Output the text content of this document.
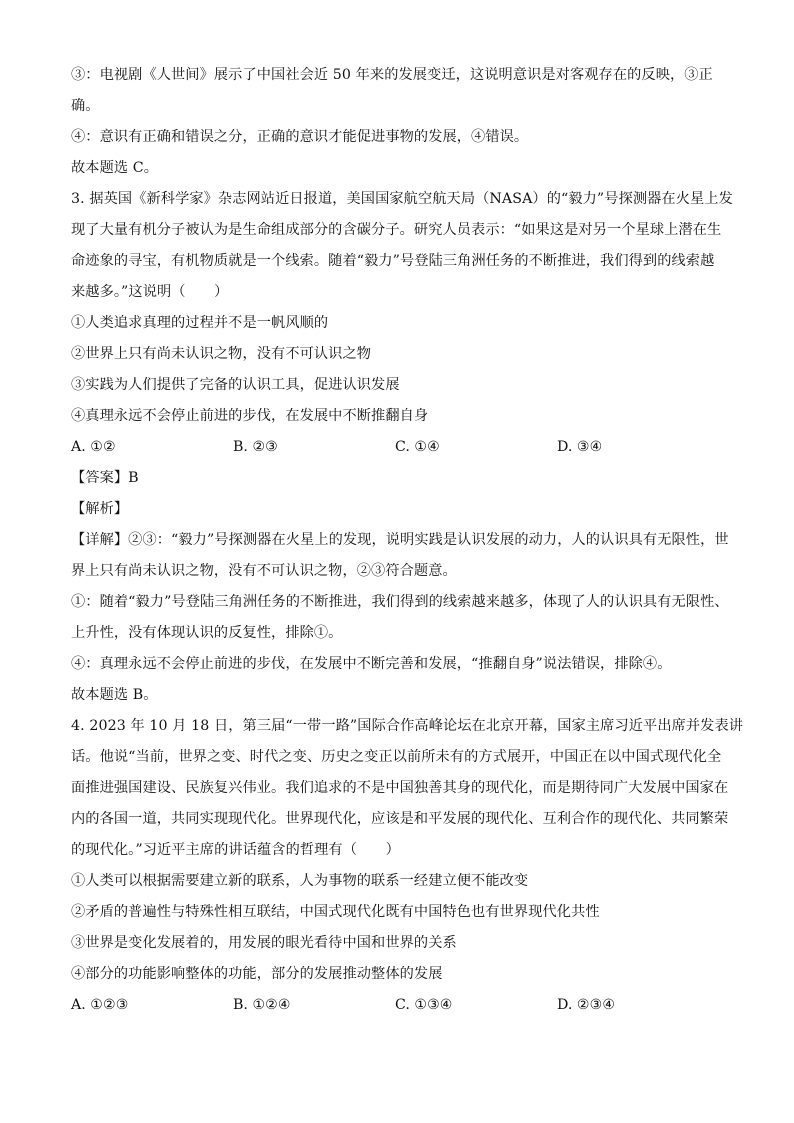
③：电视剧《人世间》展示了中国社会近 50 年来的发展变迁，这说明意识是对客观存在的反映，③正
确。
④：意识有正确和错误之分，正确的意识才能促进事物的发展，④错误。
故本题选 C。
3. 据英国《新科学家》杂志网站近日报道，美国国家航空航天局（NASA）的“毅力”号探测器在火星上发
现了大量有机分子被认为是生命组成部分的含碳分子。研究人员表示：“如果这是对另一个星球上潜在生
命迹象的寻宝，有机物质就是一个线索。随着“毅力”号登陆三角洲任务的不断推进，我们得到的线索越
来越多。”这说明（　　）
①人类追求真理的过程并不是一帆风顺的
②世界上只有尚未认识之物，没有不可认识之物
③实践为人们提供了完备的认识工具，促进认识发展
④真理永远不会停止前进的步伐，在发展中不断推翻自身
A. ①②	B. ②③	C. ①④	D. ③④
【答案】B
【解析】
【详解】②③：“毅力”号探测器在火星上的发现，说明实践是认识发展的动力，人的认识具有无限性，世
界上只有尚未认识之物，没有不可认识之物，②③符合题意。
①：随着“毅力”号登陆三角洲任务的不断推进，我们得到的线索越来越多，体现了人的认识具有无限性、
上升性，没有体现认识的反复性，排除①。
④：真理永远不会停止前进的步伐，在发展中不断完善和发展，“推翻自身”说法错误，排除④。
故本题选 B。
4. 2023 年 10 月 18 日，第三届“一带一路”国际合作高峰论坛在北京开幕，国家主席习近平出席并发表讲
话。他说“当前，世界之变、时代之变、历史之变正以前所未有的方式展开，中国正在以中国式现代化全
面推进强国建设、民族复兴伟业。我们追求的不是中国独善其身的现代化，而是期待同广大发展中国家在
内的各国一道，共同实现现代化。世界现代化，应该是和平发展的现代化、互利合作的现代化、共同繁荣
的现代化。”习近平主席的讲话蕴含的哲理有（　　）
①人类可以根据需要建立新的联系，人为事物的联系一经建立便不能改变
②矛盾的普遍性与特殊性相互联结，中国式现代化既有中国特色也有世界现代化共性
③世界是变化发展着的，用发展的眼光看待中国和世界的关系
④部分的功能影响整体的功能，部分的发展推动整体的发展
A. ①②③	B. ①②④	C. ①③④	D. ②③④
